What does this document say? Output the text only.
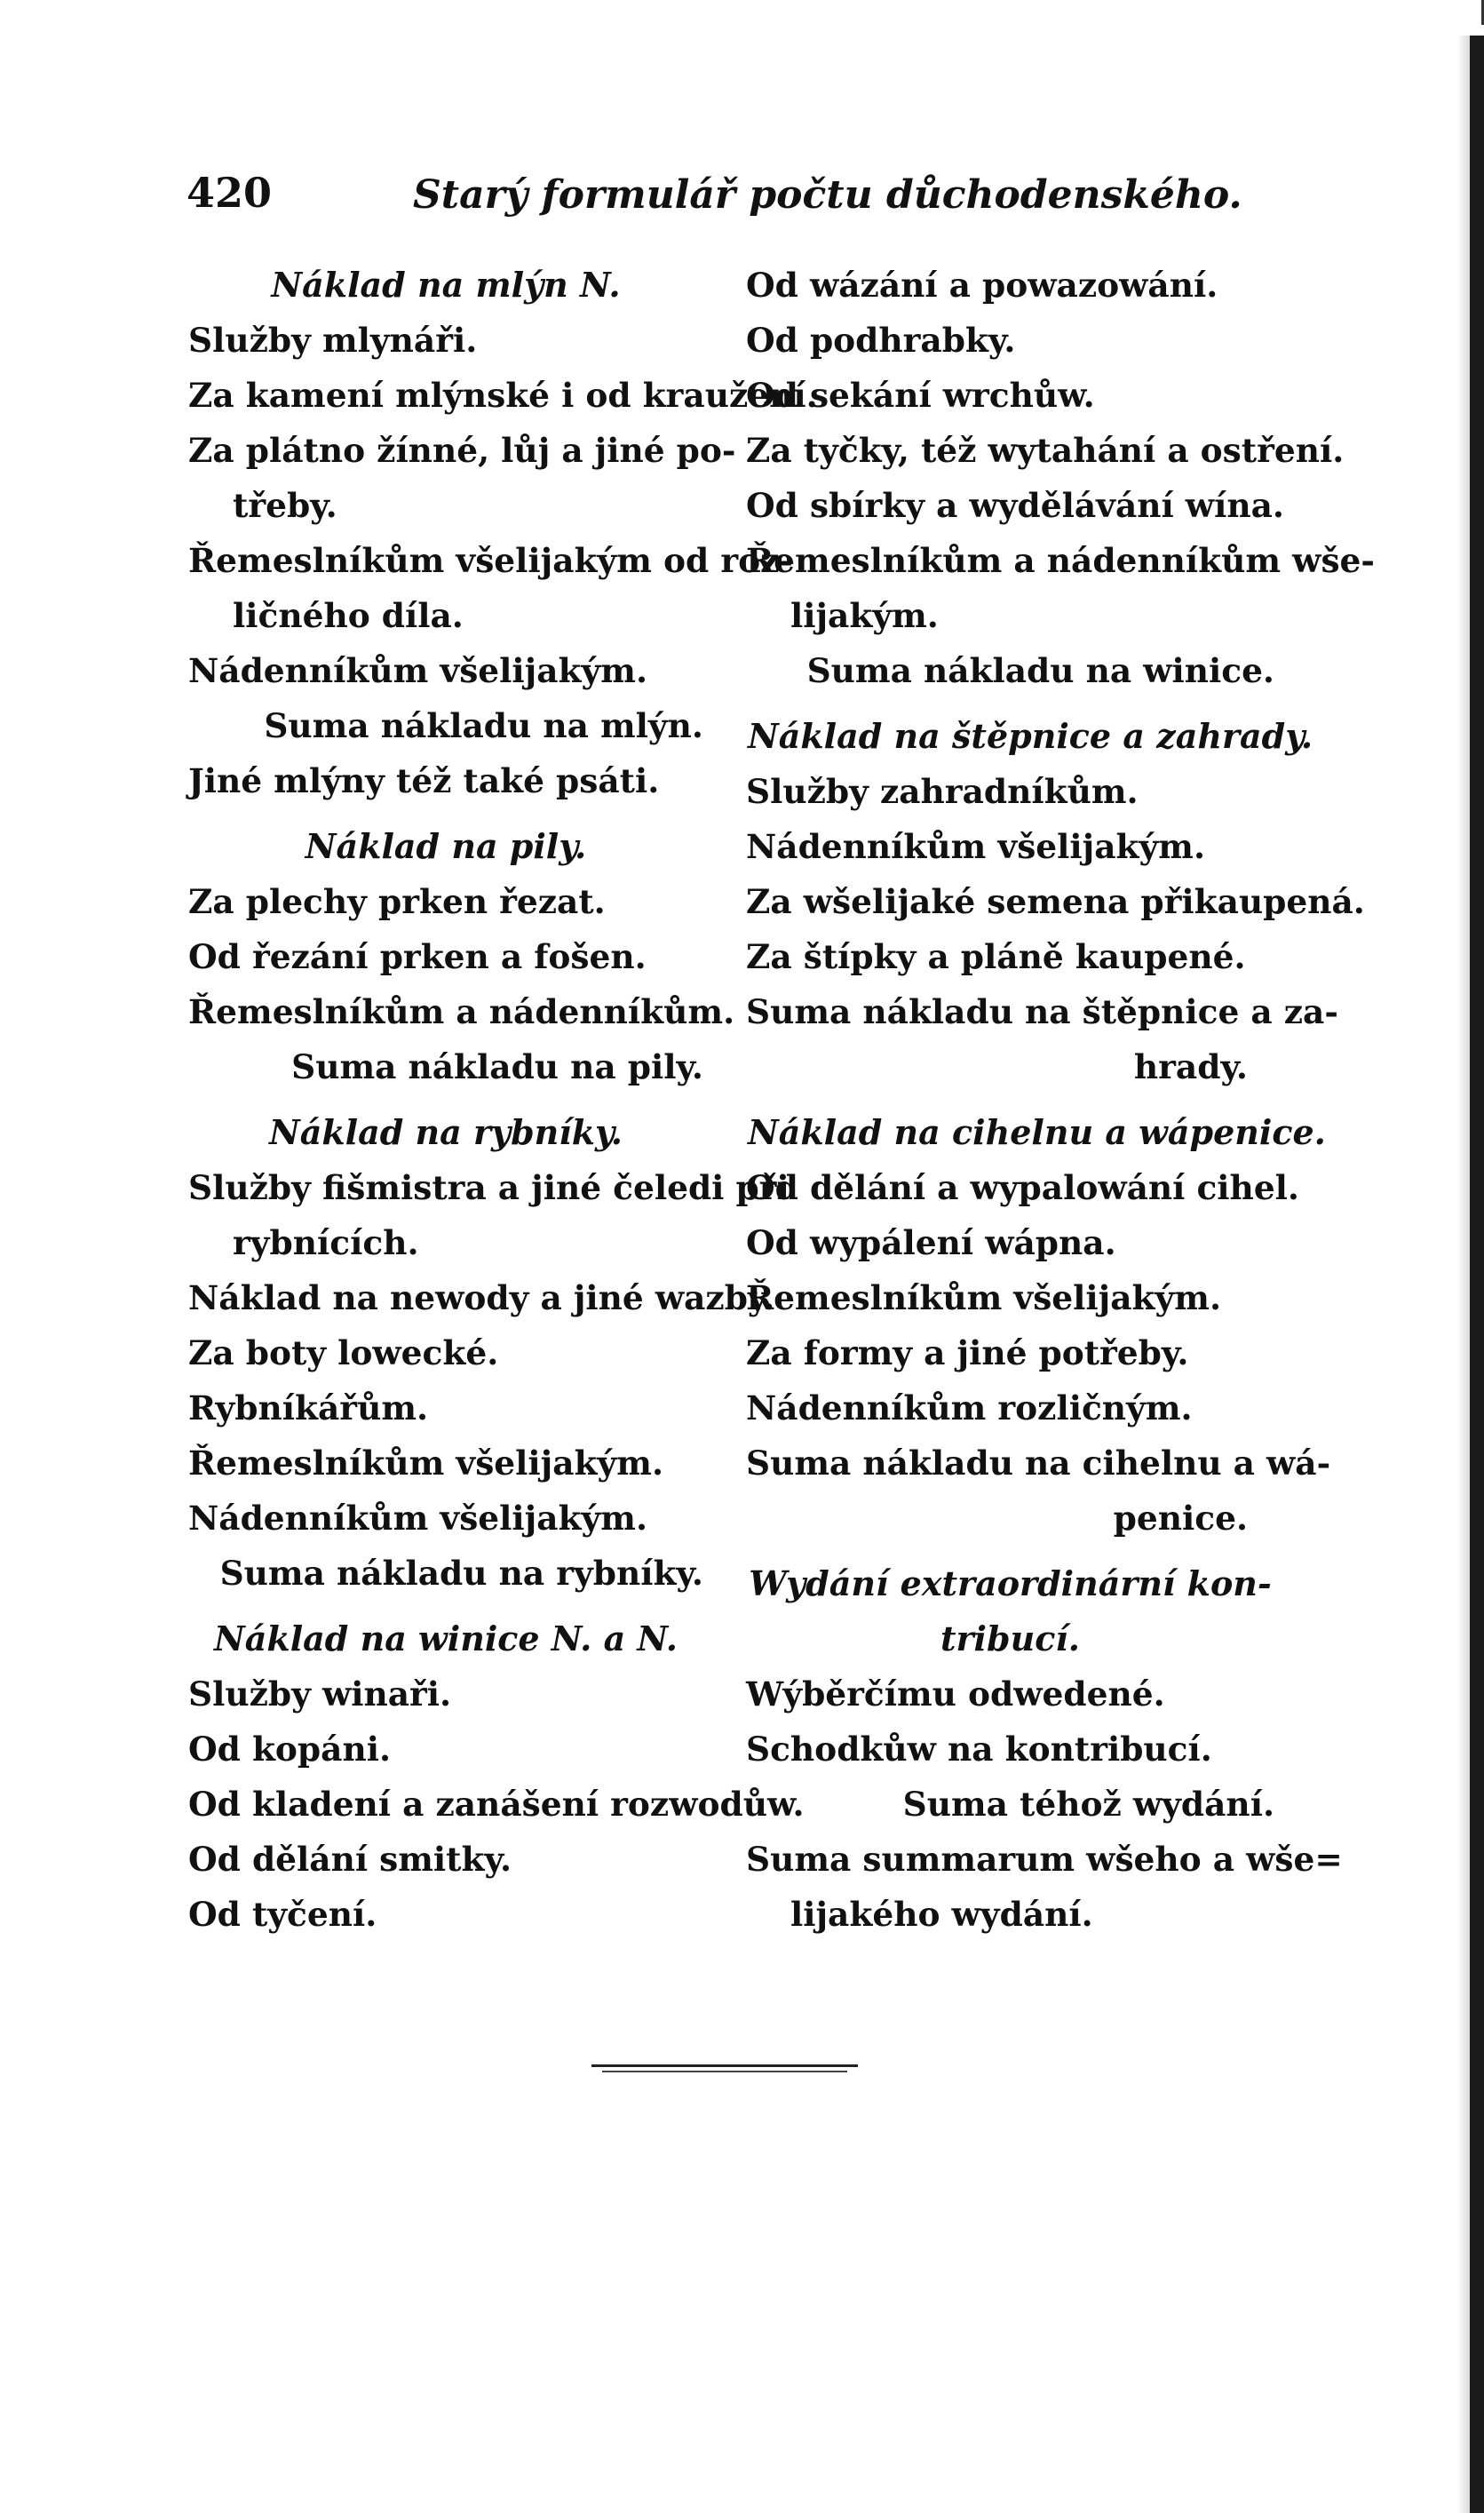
420	Starý formulář počtu důchodenského.
Náklad na mlýn N.
Služby mlynáři.
Za kamení mlýnské i od kraužení.
Za plátno žínné, lůj a jiné po-
třeby.
Řemeslníkům všelijakým od roz-
ličného díla.
Nádenníkům všelijakým.
Suma nákladu na mlýn.
Jiné mlýny též také psáti.
Náklad na pily.
Za plechy prken řezat.
Od řezání prken a fošen.
Řemeslníkům a nádenníkům.
Suma nákladu na pily.
Náklad na rybníky.
Služby fišmistra a jiné čeledi při
rybnících.
Náklad na newody a jiné wazby.
Za boty lowecké.
Rybníkářům.
Řemeslníkům všelijakým.
Nádenníkům všelijakým.
Suma nákladu na rybníky.
Náklad na winice N. a N.
Služby winaři.
Od kopáni.
Od kladení a zanášení rozwodůw.
Od dělání smitky.
Od tyčení.
Od wázání a powazowání.
Od podhrabky.
Od sekání wrchůw.
Za tyčky, též wytahání a ostření.
Od sbírky a wydělávání wína.
Řemeslníkům a nádenníkům wše-
lijakým.
Suma nákladu na winice.
Náklad na štěpnice a zahrady.
Služby zahradníkům.
Nádenníkům všelijakým.
Za wšelijaké semena přikaupená.
Za štípky a pláně kaupené.
Suma nákladu na štěpnice a za-
hrady.
Náklad na cihelnu a wápenice.
Od dělání a wypalowání cihel.
Od wypálení wápna.
Řemeslníkům všelijakým.
Za formy a jiné potřeby.
Nádenníkům rozličným.
Suma nákladu na cihelnu a wá-
penice.
Wydání extraordinární kon-
tribucí.
Wýběrčímu odwedené.
Schodkůw na kontribucí.
Suma téhož wydání.
Suma summarum wšeho a wše=
lijakého wydání.
